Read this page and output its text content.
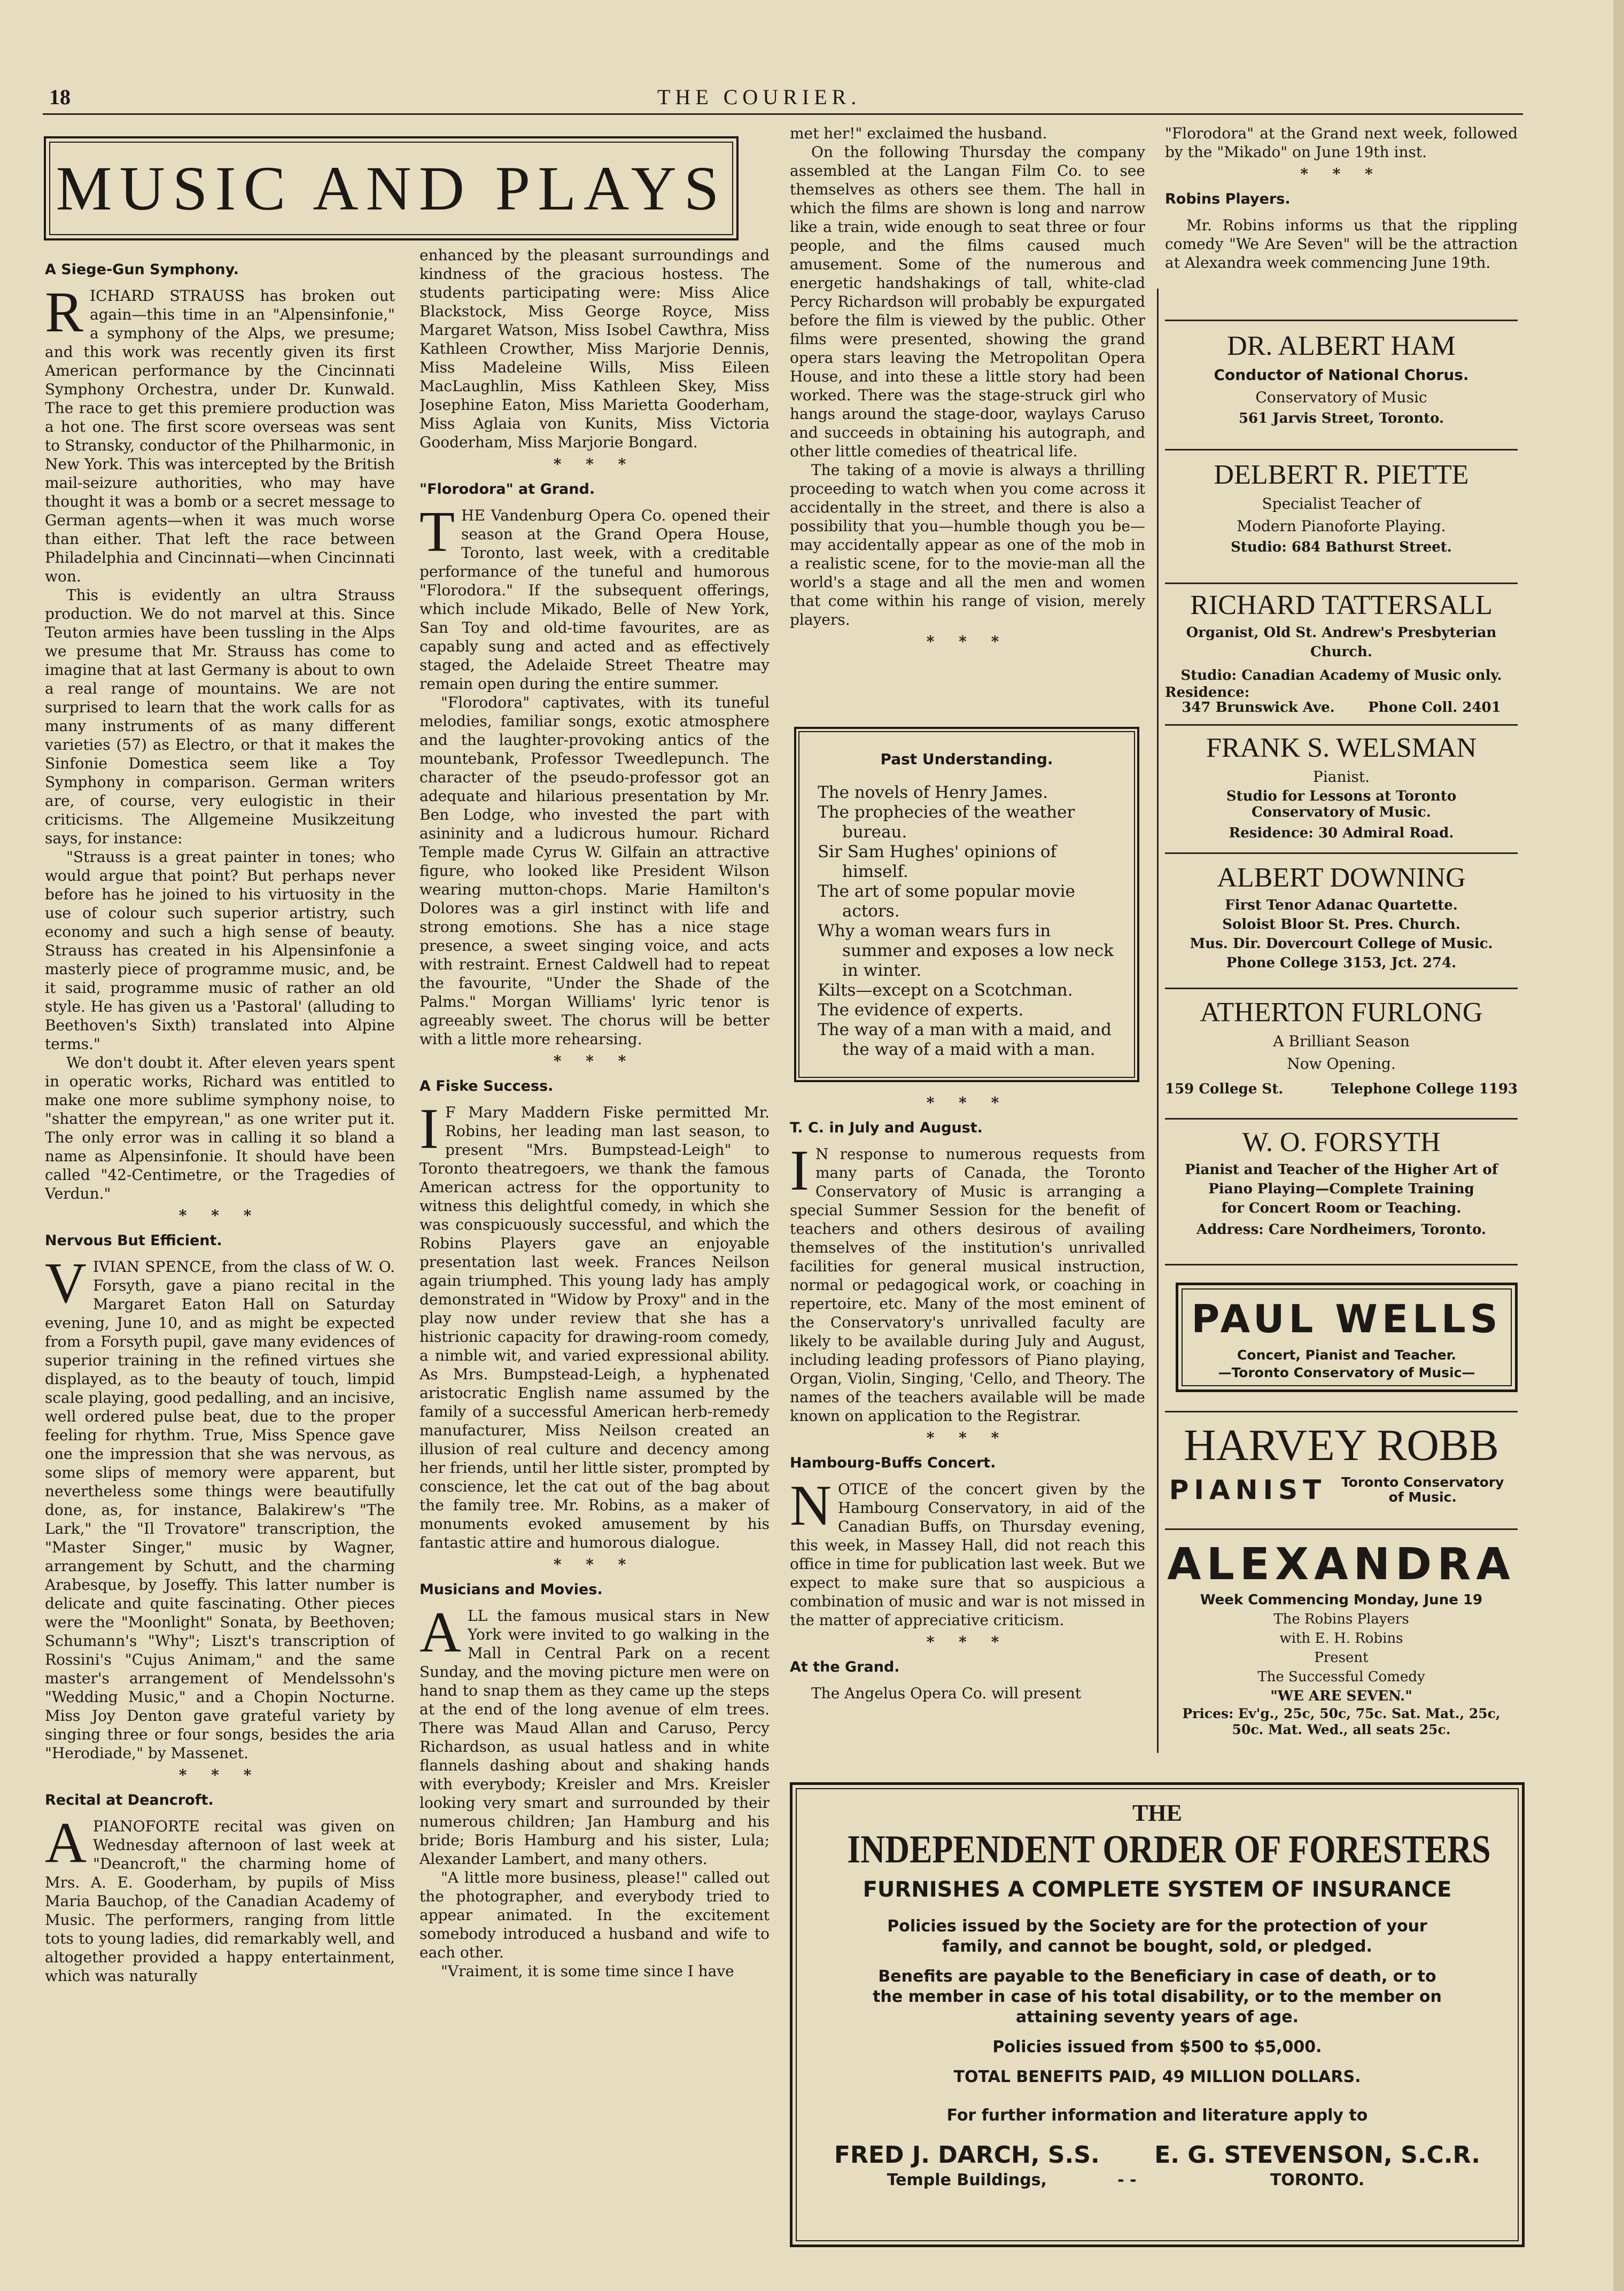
18	THE COURIER.
MUSIC AND PLAYS
A Siege-Gun Symphony.

RICHARD STRAUSS has broken out again—this time in an "Alpensinfonie," a symphony of the Alps, we presume; and this work was recently given its first American performance by the Cincinnati Symphony Orchestra, under Dr. Kunwald. The race to get this premiere production was a hot one. The first score overseas was sent to Stransky, conductor of the Philharmonic, in New York. This was intercepted by the British mail-seizure authorities, who may have thought it was a bomb or a secret message to German agents—when it was much worse than either. That left the race between Philadelphia and Cincinnati—when Cincinnati won.

This is evidently an ultra Strauss production. We do not marvel at this. Since Teuton armies have been tussling in the Alps we presume that Mr. Strauss has come to imagine that at last Germany is about to own a real range of mountains. We are not surprised to learn that the work calls for as many instruments of as many different varieties (57) as Electro, or that it makes the Sinfonie Domestica seem like a Toy Symphony in comparison. German writers are, of course, very eulogistic in their criticisms. The Allgemeine Musikzeitung says, for instance:

"Strauss is a great painter in tones; who would argue that point? But perhaps never before has he joined to his virtuosity in the use of colour such superior artistry, such economy and such a high sense of beauty. Strauss has created in his Alpensinfonie a masterly piece of programme music, and, be it said, programme music of rather an old style. He has given us a 'Pastoral' (alluding to Beethoven's Sixth) translated into Alpine terms."

We don't doubt it. After eleven years spent in operatic works, Richard was entitled to make one more sublime symphony noise, to "shatter the empyrean," as one writer put it. The only error was in calling it so bland a name as Alpensinfonie. It should have been called "42-Centimetre, or the Tragedies of Verdun."

* * *
Nervous But Efficient.

VIVIAN SPENCE, from the class of W. O. Forsyth, gave a piano recital in the Margaret Eaton Hall on Saturday evening, June 10, and as might be expected from a Forsyth pupil, gave many evidences of superior training in the refined virtues she displayed, as to the beauty of touch, limpid scale playing, good pedalling, and an incisive, well ordered pulse beat, due to the proper feeling for rhythm. True, Miss Spence gave one the impression that she was nervous, as some slips of memory were apparent, but nevertheless some things were beautifully done, as, for instance, Balakirew's "The Lark," the "Il Trovatore" transcription, the "Master Singer," music by Wagner, arrangement by Schutt, and the charming Arabesque, by Joseffy. This latter number is delicate and quite fascinating. Other pieces were the "Moonlight" Sonata, by Beethoven; Schumann's "Why"; Liszt's transcription of Rossini's "Cujus Animam," and the same master's arrangement of Mendelssohn's "Wedding Music," and a Chopin Nocturne. Miss Joy Denton gave grateful variety by singing three or four songs, besides the aria "Herodiade," by Massenet.

* * *
Recital at Deancroft.

A PIANOFORTE recital was given on Wednesday afternoon of last week at "Deancroft," the charming home of Mrs. A. E. Gooderham, by pupils of Miss Maria Bauchop, of the Canadian Academy of Music. The performers, ranging from little tots to young ladies, did remarkably well, and altogether provided a happy entertainment, which was naturally

enhanced by the pleasant surroundings and kindness of the gracious hostess. The students participating were: Miss Alice Blackstock, Miss George Royce, Miss Margaret Watson, Miss Isobel Cawthra, Miss Kathleen Crowther, Miss Marjorie Dennis, Miss Madeleine Wills, Miss Eileen MacLaughlin, Miss Kathleen Skey, Miss Josephine Eaton, Miss Marietta Gooderham, Miss Aglaia von Kunits, Miss Victoria Gooderham, Miss Marjorie Bongard.

* * *
"Florodora" at Grand.

THE Vandenburg Opera Co. opened their season at the Grand Opera House, Toronto, last week, with a creditable performance of the tuneful and humorous "Florodora." If the subsequent offerings, which include Mikado, Belle of New York, San Toy and old-time favourites, are as capably sung and acted and as effectively staged, the Adelaide Street Theatre may remain open during the entire summer.

"Florodora" captivates, with its tuneful melodies, familiar songs, exotic atmosphere and the laughter-provoking antics of the mountebank, Professor Tweedlepunch. The character of the pseudo-professor got an adequate and hilarious presentation by Mr. Ben Lodge, who invested the part with asininity and a ludicrous humour. Richard Temple made Cyrus W. Gilfain an attractive figure, who looked like President Wilson wearing mutton-chops. Marie Hamilton's Dolores was a girl instinct with life and strong emotions. She has a nice stage presence, a sweet singing voice, and acts with restraint. Ernest Caldwell had to repeat the favourite, "Under the Shade of the Palms." Morgan Williams' lyric tenor is agreeably sweet. The chorus will be better with a little more rehearsing.

* * *
A Fiske Success.

I F Mary Maddern Fiske permitted Mr. Robins, her leading man last season, to present "Mrs. Bumpstead-Leigh" to Toronto theatregoers, we thank the famous American actress for the opportunity to witness this delightful comedy, in which she was conspicuously successful, and which the Robins Players gave an enjoyable presentation last week. Frances Neilson again triumphed. This young lady has amply demonstrated in "Widow by Proxy" and in the play now under review that she has a histrionic capacity for drawing-room comedy, a nimble wit, and varied expressional ability. As Mrs. Bumpstead-Leigh, a hyphenated aristocratic English name assumed by the family of a successful American herb-remedy manufacturer, Miss Neilson created an illusion of real culture and decency among her friends, until her little sister, prompted by conscience, let the cat out of the bag about the family tree. Mr. Robins, as a maker of monuments evoked amusement by his fantastic attire and humorous dialogue.

* * *
Musicians and Movies.

ALL the famous musical stars in New York were invited to go walking in the Mall in Central Park on a recent Sunday, and the moving picture men were on hand to snap them as they came up the steps at the end of the long avenue of elm trees. There was Maud Allan and Caruso, Percy Richardson, as usual hatless and in white flannels dashing about and shaking hands with everybody; Kreisler and Mrs. Kreisler looking very smart and surrounded by their numerous children; Jan Hamburg and his bride; Boris Hamburg and his sister, Lula; Alexander Lambert, and many others.

"A little more business, please!" called out the photographer, and everybody tried to appear animated. In the excitement somebody introduced a husband and wife to each other.

"Vraiment, it is some time since I have

met her!" exclaimed the husband.

On the following Thursday the company assembled at the Langan Film Co. to see themselves as others see them. The hall in which the films are shown is long and narrow like a train, wide enough to seat three or four people, and the films caused much amusement. Some of the numerous and energetic handshakings of tall, white-clad Percy Richardson will probably be expurgated before the film is viewed by the public. Other films were presented, showing the grand opera stars leaving the Metropolitan Opera House, and into these a little story had been worked. There was the stage-struck girl who hangs around the stage-door, waylays Caruso and succeeds in obtaining his autograph, and other little comedies of theatrical life.

The taking of a movie is always a thrilling proceeding to watch when you come across it accidentally in the street, and there is also a possibility that you—humble though you be—may accidentally appear as one of the mob in a realistic scene, for to the movie-man all the world's a stage and all the men and women that come within his range of vision, merely players.

* * *
Past Understanding.
The novels of Henry James.
The prophecies of the weather bureau.
Sir Sam Hughes' opinions of himself.
The art of some popular movie actors.
Why a woman wears furs in summer and exposes a low neck in winter.
Kilts—except on a Scotchman.
The evidence of experts.
The way of a man with a maid, and the way of a maid with a man.
* * *
T. C. in July and August.

I N response to numerous requests from many parts of Canada, the Toronto Conservatory of Music is arranging a special Summer Session for the benefit of teachers and others desirous of availing themselves of the institution's unrivalled facilities for general musical instruction, normal or pedagogical work, or coaching in repertoire, etc. Many of the most eminent of the Conservatory's unrivalled faculty are likely to be available during July and August, including leading professors of Piano playing, Organ, Violin, Singing, 'Cello, and Theory. The names of the teachers available will be made known on application to the Registrar.

* * *
Hambourg-Buffs Concert.

NOTICE of the concert given by the Hambourg Conservatory, in aid of the Canadian Buffs, on Thursday evening, this week, in Massey Hall, did not reach this office in time for publication last week. But we expect to make sure that so auspicious a combination of music and war is not missed in the matter of appreciative criticism.

* * *
At the Grand.

The Angelus Opera Co. will present

"Florodora" at the Grand next week, followed by the "Mikado" on June 19th inst.

* * *
Robins Players.

Mr. Robins informs us that the rippling comedy "We Are Seven" will be the attraction at Alexandra week commencing June 19th.

DR. ALBERT HAM
Conductor of National Chorus.
Conservatory of Music
561 Jarvis Street, Toronto.
DELBERT R. PIETTE
Specialist Teacher of
Modern Pianoforte Playing.
Studio: 684 Bathurst Street.
RICHARD TATTERSALL
Organist, Old St. Andrew's Presbyterian Church.
Studio: Canadian Academy of Music only.
Residence:
347 Brunswick Ave. Phone Coll. 2401
FRANK S. WELSMAN
Pianist.
Studio for Lessons at Toronto Conservatory of Music.
Residence: 30 Admiral Road.
ALBERT DOWNING
First Tenor Adanac Quartette.
Soloist Bloor St. Pres. Church.
Mus. Dir. Dovercourt College of Music.
Phone College 3153, Jct. 274.
ATHERTON FURLONG
A Brilliant Season
Now Opening.
159 College St.	Telephone College 1193
W. O. FORSYTH
Pianist and Teacher of the Higher Art of Piano Playing—Complete Training
for Concert Room or Teaching.
Address: Care Nordheimers, Toronto.
PAUL WELLS
Concert, Pianist and Teacher.
—Toronto Conservatory of Music—
HARVEY ROBB
PIANIST	Toronto Conservatory of Music.
ALEXANDRA
Week Commencing Monday, June 19
The Robins Players
with E. H. Robins
Present
The Successful Comedy
"WE ARE SEVEN."
Prices: Ev'g., 25c, 50c, 75c. Sat. Mat., 25c, 50c. Mat. Wed., all seats 25c.
THE
INDEPENDENT ORDER OF FORESTERS
FURNISHES A COMPLETE SYSTEM OF INSURANCE
Policies issued by the Society are for the protection of your family, and cannot be bought, sold, or pledged.
Benefits are payable to the Beneficiary in case of death, or to the member in case of his total disability, or to the member on attaining seventy years of age.
Policies issued from $500 to $5,000.
TOTAL BENEFITS PAID, 49 MILLION DOLLARS.
For further information and literature apply to
FRED J. DARCH, S.S.
Temple Buildings,	- -
E. G. STEVENSON, S.C.R.
TORONTO.
